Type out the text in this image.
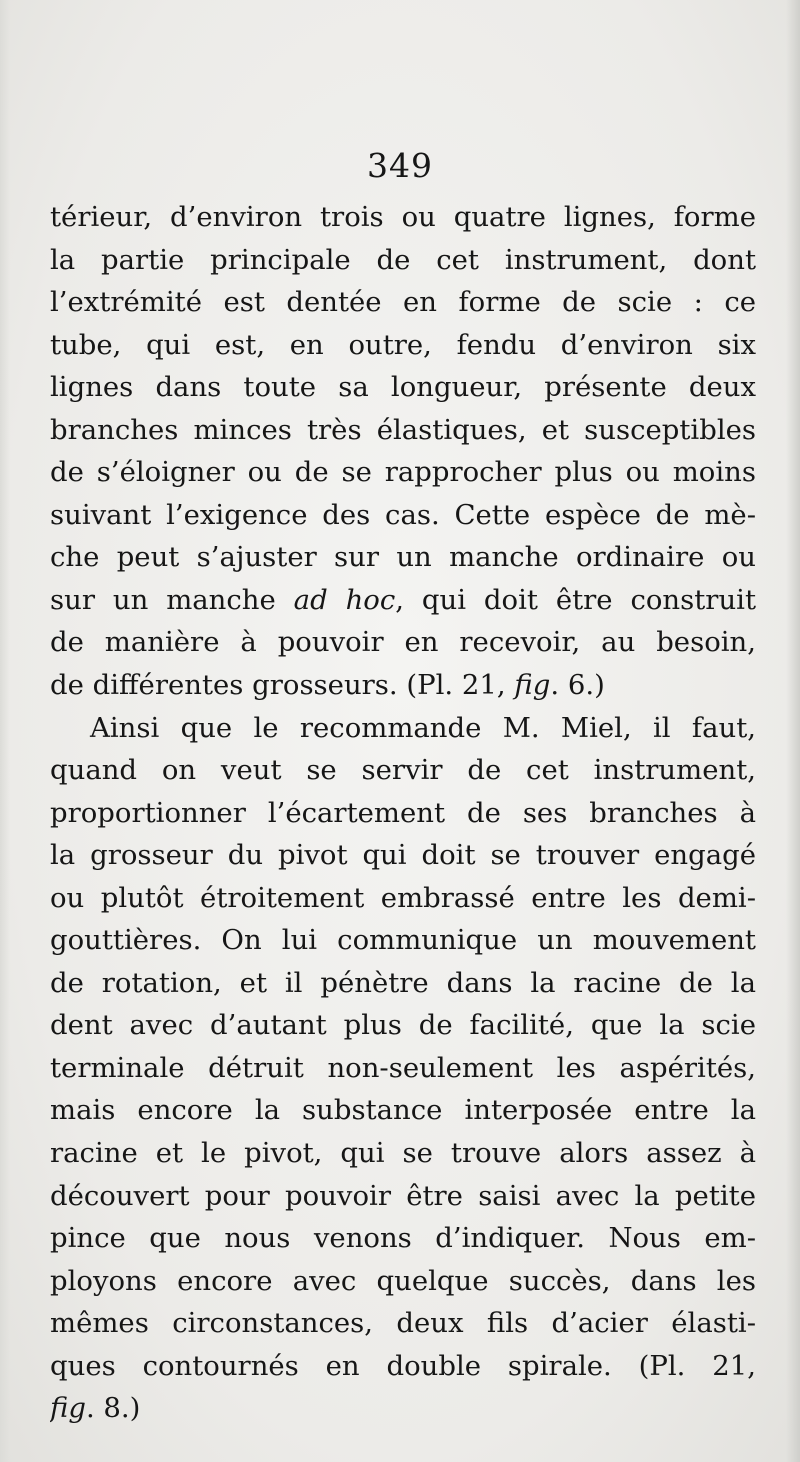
349
térieur, d’environ trois ou quatre lignes, forme
la partie principale de cet instrument, dont
l’extrémité est dentée en forme de scie : ce
tube, qui est, en outre, fendu d’environ six
lignes dans toute sa longueur, présente deux
branches minces très élastiques, et susceptibles
de s’éloigner ou de se rapprocher plus ou moins
suivant l’exigence des cas. Cette espèce de mè-
che peut s’ajuster sur un manche ordinaire ou
sur un manche ad hoc, qui doit être construit
de manière à pouvoir en recevoir, au besoin,
de différentes grosseurs. (Pl. 21, fig. 6.)
Ainsi que le recommande M. Miel, il faut,
quand on veut se servir de cet instrument,
proportionner l’écartement de ses branches à
la grosseur du pivot qui doit se trouver engagé
ou plutôt étroitement embrassé entre les demi-
gouttières. On lui communique un mouvement
de rotation, et il pénètre dans la racine de la
dent avec d’autant plus de facilité, que la scie
terminale détruit non-seulement les aspérités,
mais encore la substance interposée entre la
racine et le pivot, qui se trouve alors assez à
découvert pour pouvoir être saisi avec la petite
pince que nous venons d’indiquer. Nous em-
ployons encore avec quelque succès, dans les
mêmes circonstances, deux fils d’acier élasti-
ques contournés en double spirale. (Pl. 21,
fig. 8.)
